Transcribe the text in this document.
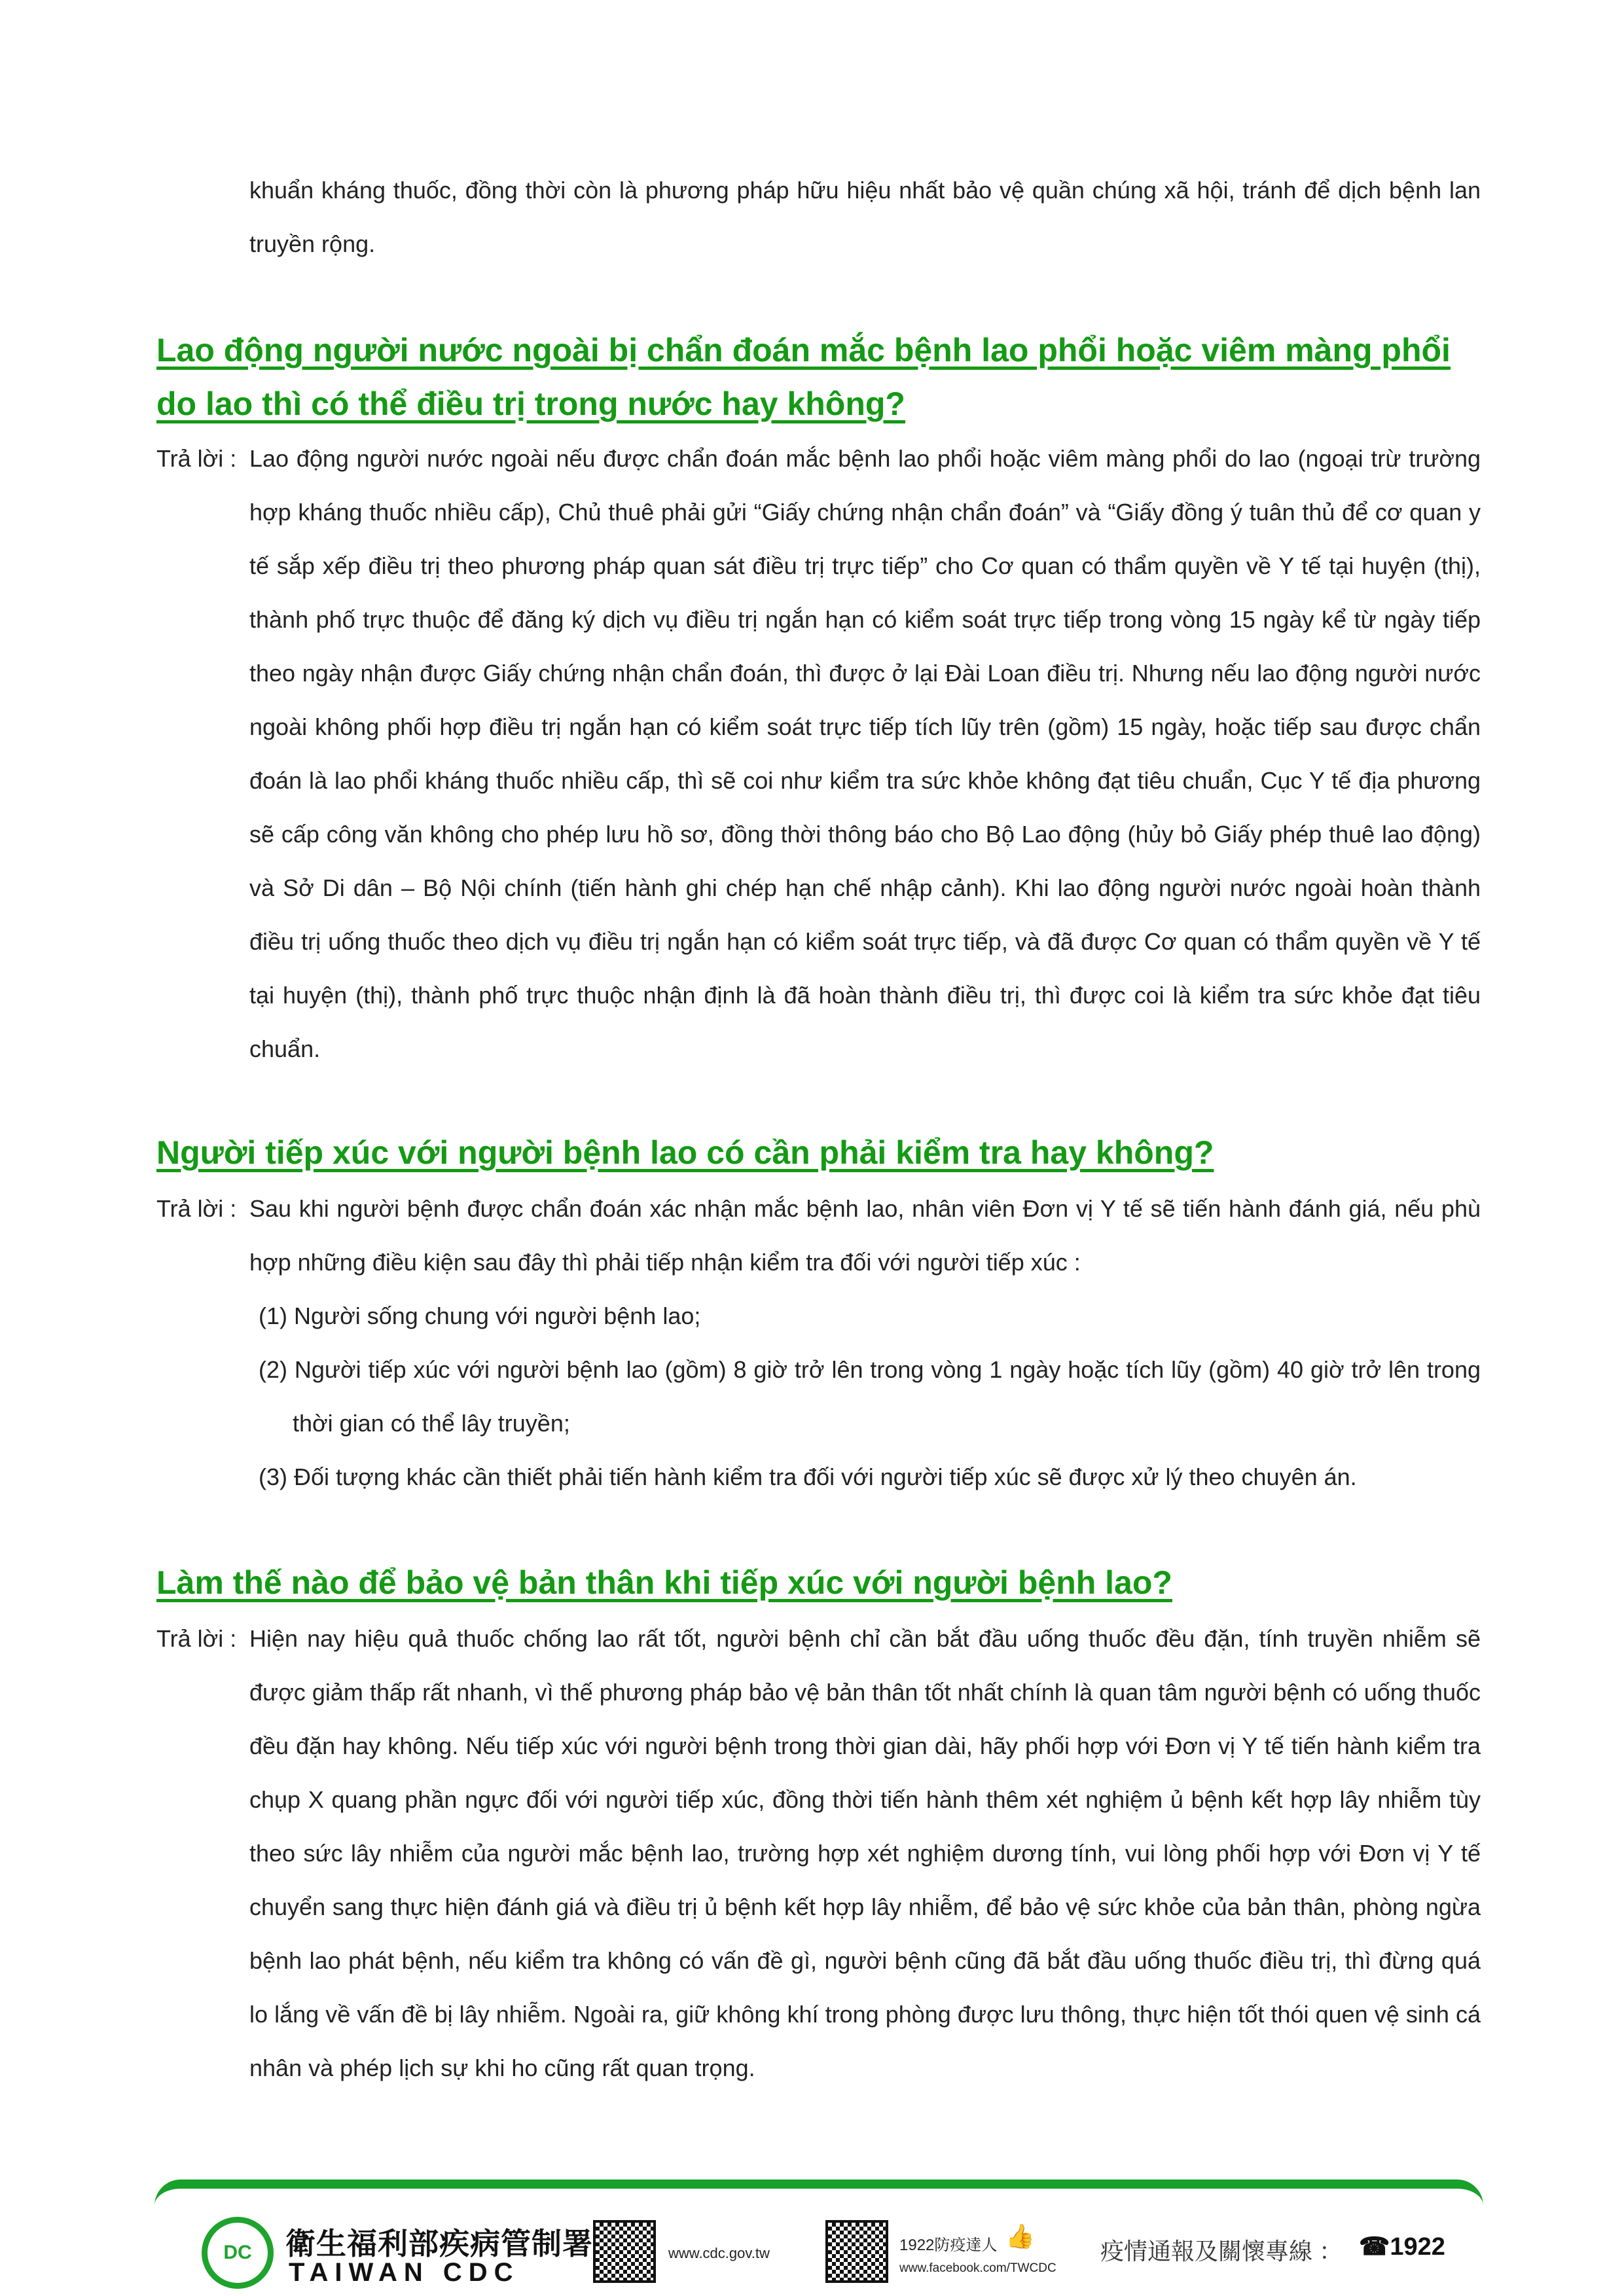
khuẩn kháng thuốc, đồng thời còn là phương pháp hữu hiệu nhất bảo vệ quần chúng xã hội, tránh để dịch bệnh lan truyền rộng.
Lao động người nước ngoài bị chẩn đoán mắc bệnh lao phổi hoặc viêm màng phổi do lao thì có thể điều trị trong nước hay không?
Trả lời : Lao động người nước ngoài nếu được chẩn đoán mắc bệnh lao phổi hoặc viêm màng phổi do lao (ngoại trừ trường hợp kháng thuốc nhiều cấp), Chủ thuê phải gửi “Giấy chứng nhận chẩn đoán” và “Giấy đồng ý tuân thủ để cơ quan y tế sắp xếp điều trị theo phương pháp quan sát điều trị trực tiếp” cho Cơ quan có thẩm quyền về Y tế tại huyện (thị), thành phố trực thuộc để đăng ký dịch vụ điều trị ngắn hạn có kiểm soát trực tiếp trong vòng 15 ngày kể từ ngày tiếp theo ngày nhận được Giấy chứng nhận chẩn đoán, thì được ở lại Đài Loan điều trị. Nhưng nếu lao động người nước ngoài không phối hợp điều trị ngắn hạn có kiểm soát trực tiếp tích lũy trên (gồm) 15 ngày, hoặc tiếp sau được chẩn đoán là lao phổi kháng thuốc nhiều cấp, thì sẽ coi như kiểm tra sức khỏe không đạt tiêu chuẩn, Cục Y tế địa phương sẽ cấp công văn không cho phép lưu hồ sơ, đồng thời thông báo cho Bộ Lao động (hủy bỏ Giấy phép thuê lao động) và Sở Di dân – Bộ Nội chính (tiến hành ghi chép hạn chế nhập cảnh). Khi lao động người nước ngoài hoàn thành điều trị uống thuốc theo dịch vụ điều trị ngắn hạn có kiểm soát trực tiếp, và đã được Cơ quan có thẩm quyền về Y tế tại huyện (thị), thành phố trực thuộc nhận định là đã hoàn thành điều trị, thì được coi là kiểm tra sức khỏe đạt tiêu chuẩn.
Người tiếp xúc với người bệnh lao có cần phải kiểm tra hay không?
Trả lời : Sau khi người bệnh được chẩn đoán xác nhận mắc bệnh lao, nhân viên Đơn vị Y tế sẽ tiến hành đánh giá, nếu phù hợp những điều kiện sau đây thì phải tiếp nhận kiểm tra đối với người tiếp xúc :
(1) Người sống chung với người bệnh lao;
(2) Người tiếp xúc với người bệnh lao (gồm) 8 giờ trở lên trong vòng 1 ngày hoặc tích lũy (gồm) 40 giờ trở lên trong thời gian có thể lây truyền;
(3) Đối tượng khác cần thiết phải tiến hành kiểm tra đối với người tiếp xúc sẽ được xử lý theo chuyên án.
Làm thế nào để bảo vệ bản thân khi tiếp xúc với người bệnh lao?
Trả lời : Hiện nay hiệu quả thuốc chống lao rất tốt, người bệnh chỉ cần bắt đầu uống thuốc đều đặn, tính truyền nhiễm sẽ được giảm thấp rất nhanh, vì thế phương pháp bảo vệ bản thân tốt nhất chính là quan tâm người bệnh có uống thuốc đều đặn hay không. Nếu tiếp xúc với người bệnh trong thời gian dài, hãy phối hợp với Đơn vị Y tế tiến hành kiểm tra chụp X quang phần ngực đối với người tiếp xúc, đồng thời tiến hành thêm xét nghiệm ủ bệnh kết hợp lây nhiễm tùy theo sức lây nhiễm của người mắc bệnh lao, trường hợp xét nghiệm dương tính, vui lòng phối hợp với Đơn vị Y tế chuyển sang thực hiện đánh giá và điều trị ủ bệnh kết hợp lây nhiễm, để bảo vệ sức khỏe của bản thân, phòng ngừa bệnh lao phát bệnh, nếu kiểm tra không có vấn đề gì, người bệnh cũng đã bắt đầu uống thuốc điều trị, thì đừng quá lo lắng về vấn đề bị lây nhiễm. Ngoài ra, giữ không khí trong phòng được lưu thông, thực hiện tốt thói quen vệ sinh cá nhân và phép lịch sự khi ho cũng rất quan trọng.
DC	衛生福利部疾病管制署
TAIWAN CDC
www.cdc.gov.tw	1922防疫達人 👍
www.facebook.com/TWCDC
疫情通報及關懷專線 ： ☎1922
